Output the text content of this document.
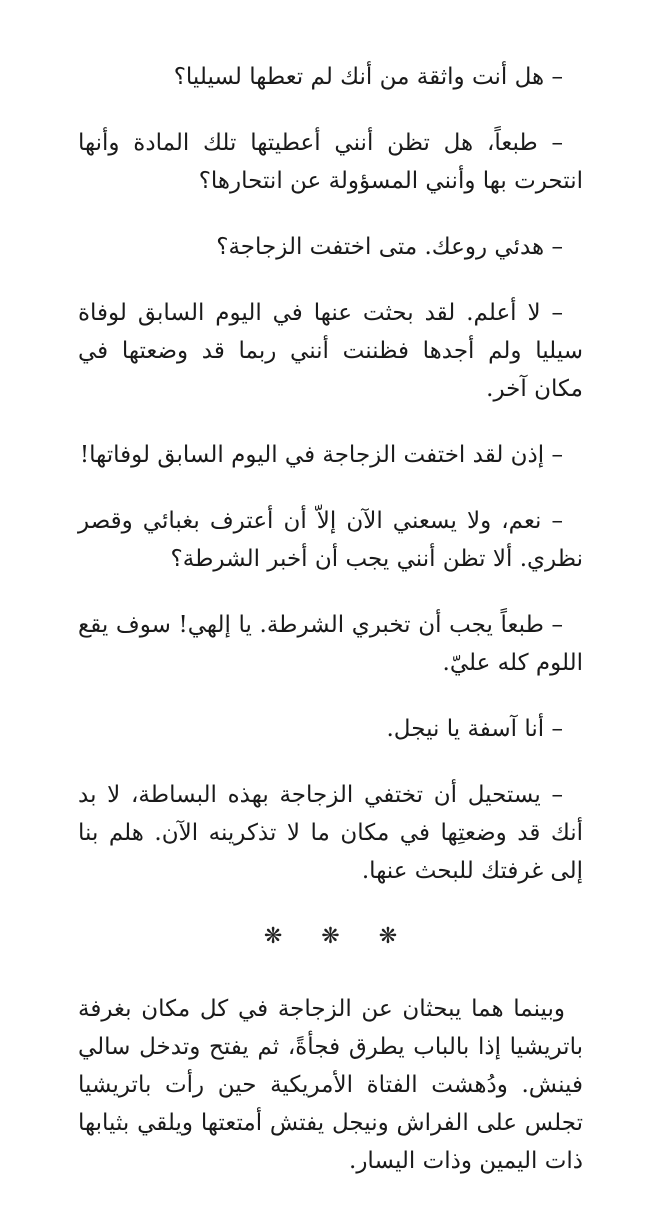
– هل أنت واثقة من أنك لم تعطها لسيليا؟

– طبعاً، هل تظن أنني أعطيتها تلك المادة وأنها انتحرت بها وأنني المسؤولة عن انتحارها؟

– هدئي روعك. متى اختفت الزجاجة؟

– لا أعلم. لقد بحثت عنها في اليوم السابق لوفاة سيليا ولم أجدها فظننت أنني ربما قد وضعتها في مكان آخر.

– إذن لقد اختفت الزجاجة في اليوم السابق لوفاتها!

– نعم، ولا يسعني الآن إلاّ أن أعترف بغبائي وقصر نظري. ألا تظن أنني يجب أن أخبر الشرطة؟

– طبعاً يجب أن تخبري الشرطة. يا إلهي! سوف يقع اللوم كله عليّ.

– أنا آسفة يا نيجل.

– يستحيل أن تختفي الزجاجة بهذه البساطة، لا بد أنك قد وضعتِها في مكان ما لا تذكرينه الآن. هلم بنا إلى غرفتك للبحث عنها.

❋ ❋ ❋

وبينما هما يبحثان عن الزجاجة في كل مكان بغرفة باتريشيا إذا بالباب يطرق فجأةً، ثم يفتح وتدخل سالي فينش. ودُهشت الفتاة الأمريكية حين رأت باتريشيا تجلس على الفراش ونيجل يفتش أمتعتها ويلقي بثيابها ذات اليمين وذات اليسار.
